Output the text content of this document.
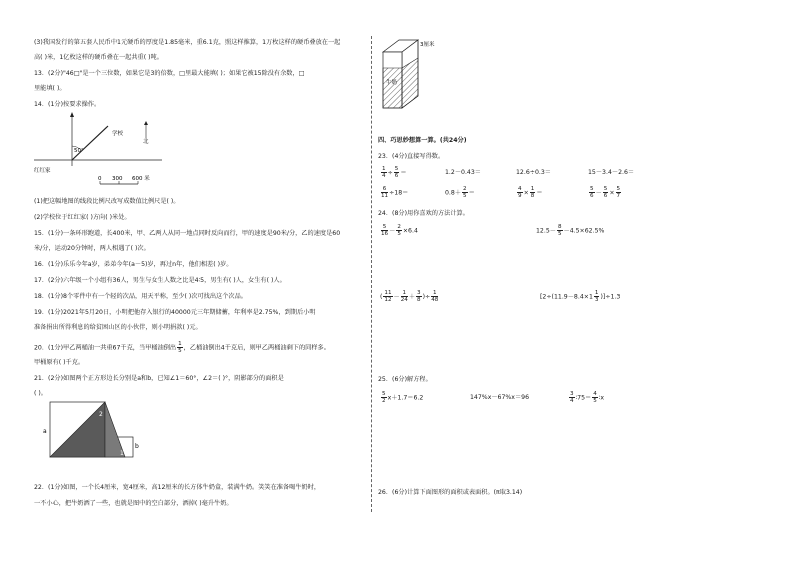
(3)我国发行的第五套人民币中1元硬币的厚度是1.85毫米，重6.1克，照这样推算，1万枚这样的硬币叠放在一起
高( )米，1亿枚这样的硬币叠在一起共重( )吨。
13．(2分)"46□"是一个三位数，如果它是3的倍数，□里最大能填( )；如果它被15除没有余数，□
里能填( )。
14．(1分)按要求操作。
学校
北
50°
红红家
0 300 600 米
(1)把这幅地图的线段比例尺改写成数值比例尺是( )。
(2)学校位于红红家( )方向( )米处。
15．(1分)一条环形跑道，长400米，甲、乙两人从同一地点同时反向而行，甲的速度是90米/分，乙的速度是60
米/分，运动20分钟时，两人相遇了( )次。
16．(1分)乐乐今年a岁，弟弟今年(a－5)岁，再过n年，他们相差( )岁。
17．(2分)六年级一个小组有36人，男生与女生人数之比是4∶5，男生有( )人，女生有( )人。
18．(1分)8个零件中有一个轻的次品，用天平称，至少( )次可找出这个次品。
19．(1分)2021年5月20日，小明把他存入银行的40000元三年期储蓄，年利率是2.75%，到期后小明
准备捐出所得利息的给贫困山区的小伙伴，则小明捐款( )元。
20．(1分)甲乙两桶油一共重67千克，当甲桶油倒出 $\frac{1}{5}$ ，乙桶油倒出4千克后，则甲乙两桶油剩下的同样多。
甲桶原有( )千克。
21．(2分)如图两个正方形边长分别是a和b，已知∠1＝60°，∠2＝( )°，阴影部分的面积是
( )。
a
b
2
1
22．(1分)如图，一个长4厘米，宽4厘米，高12厘米的长方体牛奶盒，装满牛奶。笑笑在准备喝牛奶时，
一不小心，把牛奶洒了一些，也就是图中的空白部分，洒掉( )毫升牛奶。
3厘米
牛奶
四、巧思妙想算一算。(共24分)
23．(4分)直接写得数。
$\frac{1}{4} \div \frac{5}{6}$ ＝	1.2－0.43＝	12.6÷0.3＝	15－3.4－2.6＝
$\frac{6}{11} \div 18=$	$0.8+ \frac{2}{5}$ ＝	$\frac{4}{9} \times \frac{1}{8}$ ＝	$\frac{5}{6} - \frac{5}{6} \times \frac{5}{7}$
24．(8分)用你喜欢的方法计算。
$\frac{5}{16} - \frac{2}{5} \times 6.4$	$12.5- \frac{8}{5} -4.5\times 62.5\%$
( $\frac{11}{12} - \frac{1}{24} + \frac{3}{8}$ )÷ $\frac{1}{48}$	$[2\div(11.9-8.4\times 1 \frac{1}{3} )]\div 1.3$
25．(6分)解方程。
$\frac{5}{2} x+1.7=6.2$	147%x－67%x＝96	$\frac{3}{4}$ ∶75＝ $\frac{4}{5}$ ∶x
26．(6分)计算下面图形的面积或表面积。(π取3.14)
